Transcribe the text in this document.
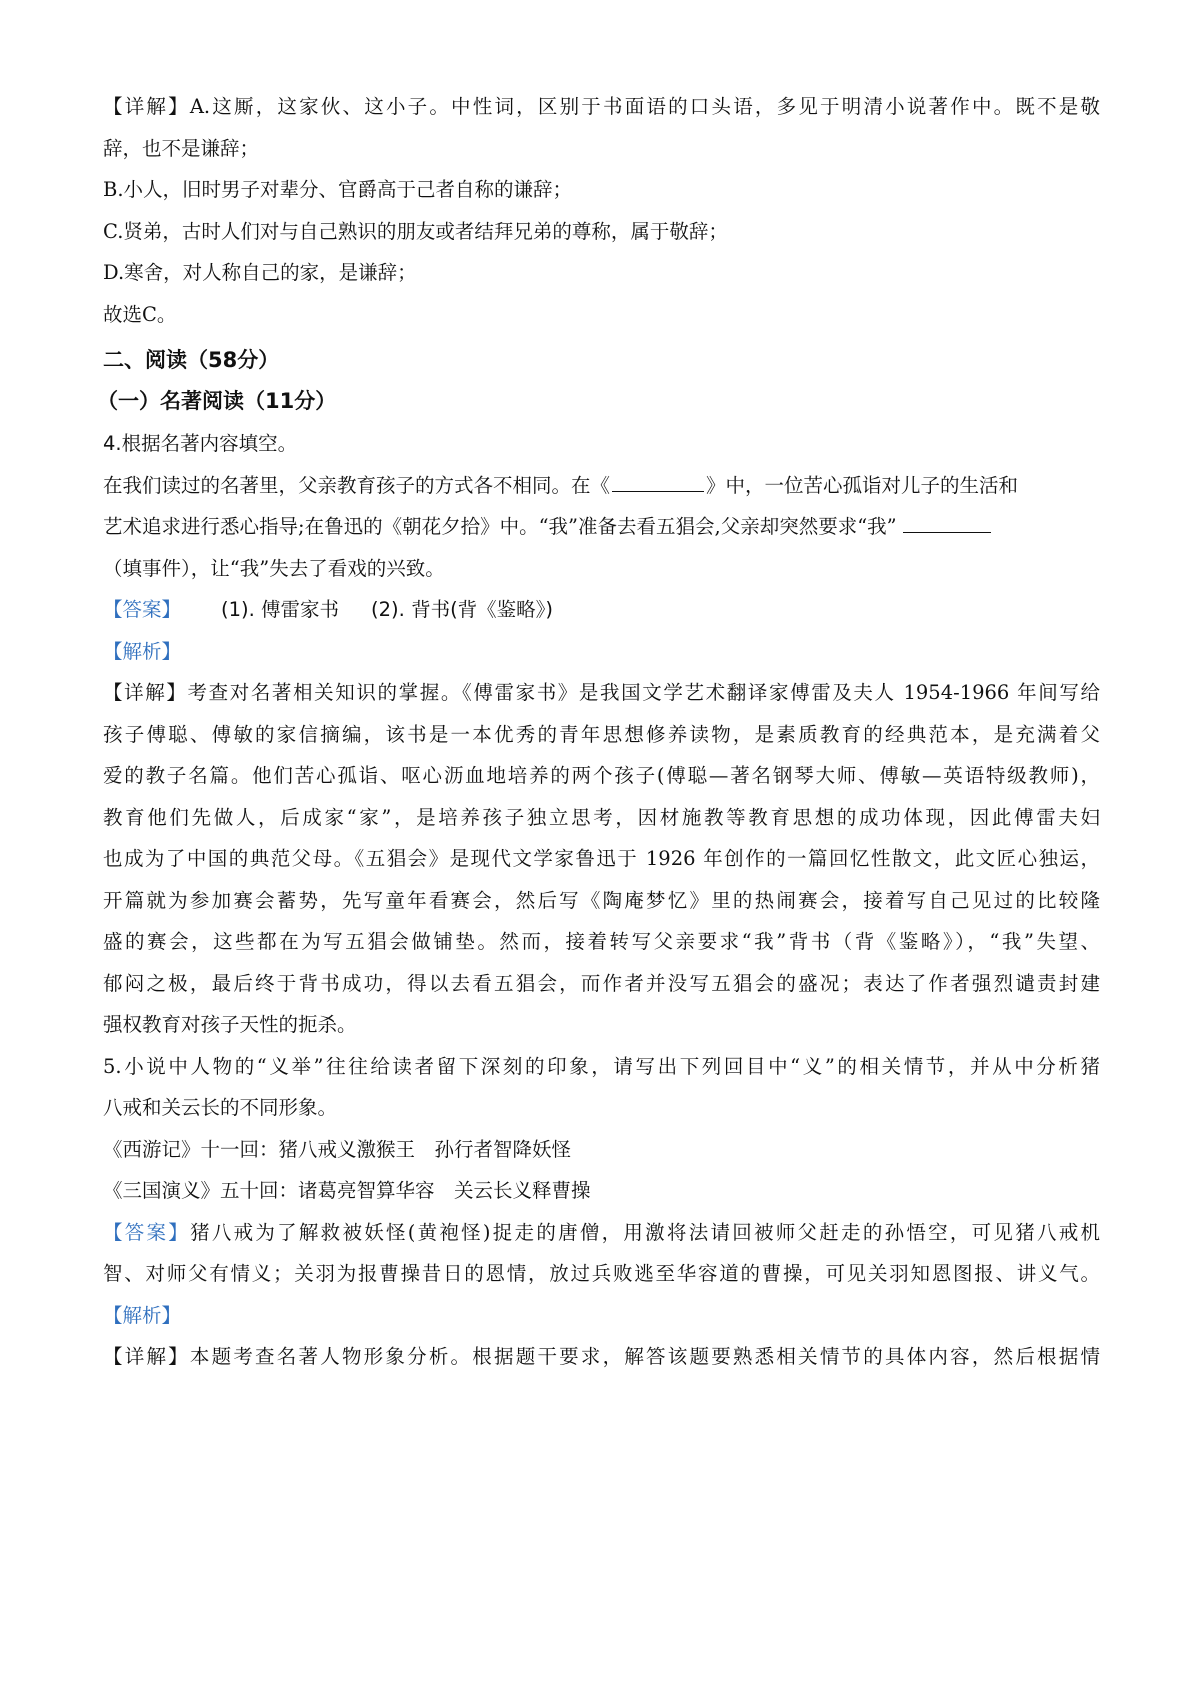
【详解】A.这厮，这家伙、这小子。中性词，区别于书面语的口头语，多见于明清小说著作中。既不是敬

辞，也不是谦辞；

B.小人，旧时男子对辈分、官爵高于己者自称的谦辞；

C.贤弟，古时人们对与自己熟识的朋友或者结拜兄弟的尊称，属于敬辞；

D.寒舍，对人称自己的家，是谦辞；

故选C。

二、阅读（58分）
（一）名著阅读（11分）

4.根据名著内容填空。

在我们读过的名著里，父亲教育孩子的方式各不相同。在《	》中，一位苦心孤诣对儿子的生活和

艺术追求进行悉心指导;在鲁迅的《朝花夕拾》中。“我”准备去看五猖会,父亲却突然要求“我”

（填事件），让“我”失去了看戏的兴致。

【答案】 (1). 傅雷家书 (2). 背书(背《鉴略》)

【解析】

【详解】考查对名著相关知识的掌握。《傅雷家书》是我国文学艺术翻译家傅雷及夫人 1954-1966 年间写给

孩子傅聪、傅敏的家信摘编，该书是一本优秀的青年思想修养读物，是素质教育的经典范本，是充满着父

爱的教子名篇。他们苦心孤诣、呕心沥血地培养的两个孩子(傅聪—著名钢琴大师、傅敏—英语特级教师)，

教育他们先做人，后成家“家”，是培养孩子独立思考，因材施教等教育思想的成功体现，因此傅雷夫妇

也成为了中国的典范父母。《五猖会》是现代文学家鲁迅于 1926 年创作的一篇回忆性散文，此文匠心独运，

开篇就为参加赛会蓄势，先写童年看赛会，然后写《陶庵梦忆》里的热闹赛会，接着写自己见过的比较隆

盛的赛会，这些都在为写五猖会做铺垫。然而，接着转写父亲要求“我”背书（背《鉴略》），“我”失望、

郁闷之极，最后终于背书成功，得以去看五猖会，而作者并没写五猖会的盛况；表达了作者强烈谴责封建

强权教育对孩子天性的扼杀。

5.小说中人物的“义举”往往给读者留下深刻的印象，请写出下列回目中“义”的相关情节，并从中分析猪

八戒和关云长的不同形象。

《西游记》十一回：猪八戒义激猴王　孙行者智降妖怪

《三国演义》五十回：诸葛亮智算华容　关云长义释曹操

【答案】猪八戒为了解救被妖怪(黄袍怪)捉走的唐僧，用激将法请回被师父赶走的孙悟空，可见猪八戒机

智、对师父有情义；关羽为报曹操昔日的恩情，放过兵败逃至华容道的曹操，可见关羽知恩图报、讲义气。

【解析】

【详解】本题考查名著人物形象分析。根据题干要求，解答该题要熟悉相关情节的具体内容，然后根据情
